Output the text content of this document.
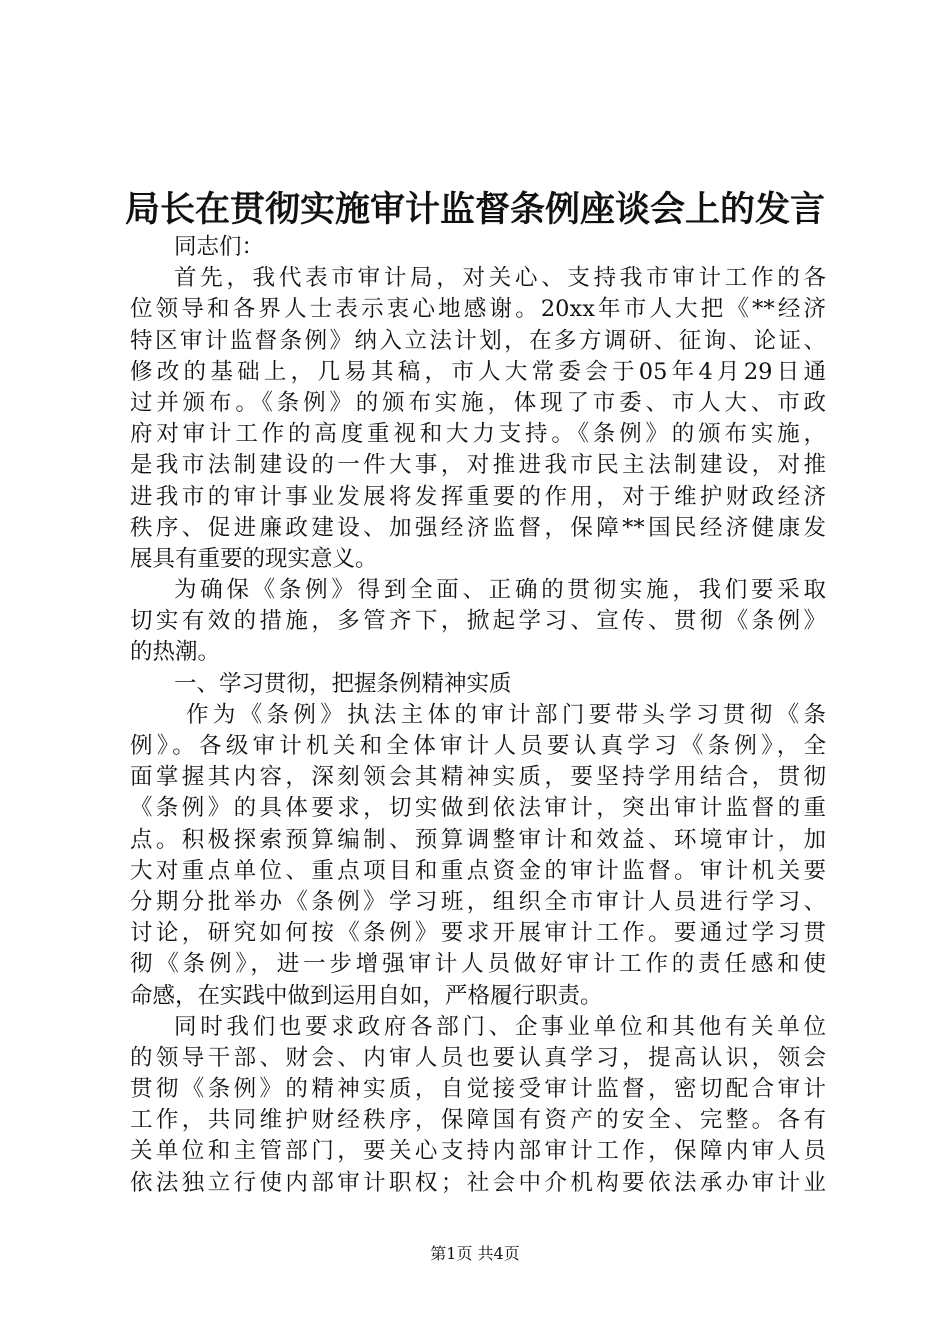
局长在贯彻实施审计监督条例座谈会上的发言
同志们：
首先，我代表市审计局，对关心、支持我市审计工作的各
位领导和各界人士表示衷心地感谢。20xx年市人大把《**经济
特区审计监督条例》纳入立法计划，在多方调研、征询、论证、
修改的基础上，几易其稿，市人大常委会于05年4月29日通
过并颁布。《条例》的颁布实施，体现了市委、市人大、市政
府对审计工作的高度重视和大力支持。《条例》的颁布实施，
是我市法制建设的一件大事，对推进我市民主法制建设，对推
进我市的审计事业发展将发挥重要的作用，对于维护财政经济
秩序、促进廉政建设、加强经济监督，保障**国民经济健康发
展具有重要的现实意义。
为确保《条例》得到全面、正确的贯彻实施，我们要采取
切实有效的措施，多管齐下，掀起学习、宣传、贯彻《条例》
的热潮。
一、学习贯彻，把握条例精神实质
作为《条例》执法主体的审计部门要带头学习贯彻《条
例》。各级审计机关和全体审计人员要认真学习《条例》，全
面掌握其内容，深刻领会其精神实质，要坚持学用结合，贯彻
《条例》的具体要求，切实做到依法审计，突出审计监督的重
点。积极探索预算编制、预算调整审计和效益、环境审计，加
大对重点单位、重点项目和重点资金的审计监督。审计机关要
分期分批举办《条例》学习班，组织全市审计人员进行学习、
讨论，研究如何按《条例》要求开展审计工作。要通过学习贯
彻《条例》，进一步增强审计人员做好审计工作的责任感和使
命感，在实践中做到运用自如，严格履行职责。
同时我们也要求政府各部门、企事业单位和其他有关单位
的领导干部、财会、内审人员也要认真学习，提高认识，领会
贯彻《条例》的精神实质，自觉接受审计监督，密切配合审计
工作，共同维护财经秩序，保障国有资产的安全、完整。各有
关单位和主管部门，要关心支持内部审计工作，保障内审人员
依法独立行使内部审计职权；社会中介机构要依法承办审计业
第1页 共4页
